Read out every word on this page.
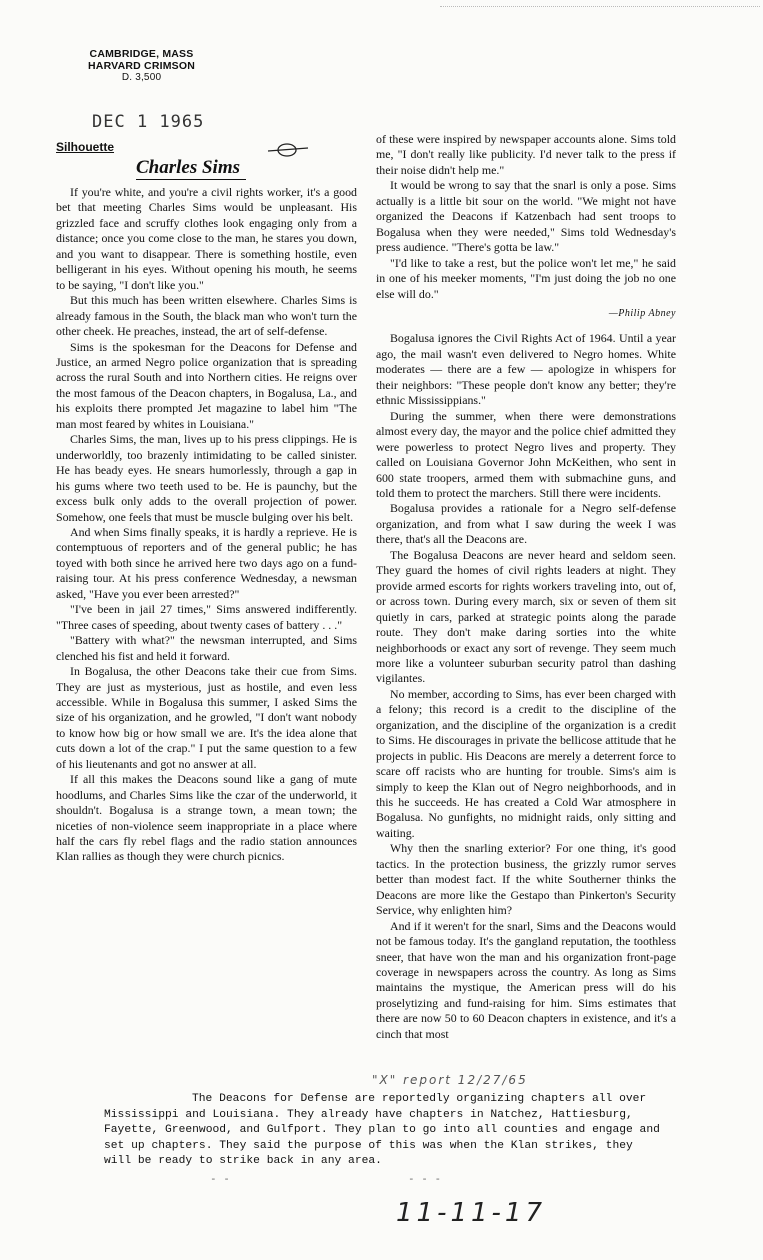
CAMBRIDGE, MASS
HARVARD CRIMSON
D. 3,500
DEC 1 1965
Silhouette
Charles Sims

If you're white, and you're a civil rights worker, it's a good bet that meeting Charles Sims would be unpleasant. His grizzled face and scruffy clothes look engaging only from a distance; once you come close to the man, he stares you down, and you want to disappear. There is something hostile, even belligerant in his eyes. Without opening his mouth, he seems to be saying, "I don't like you."

But this much has been written elsewhere. Charles Sims is already famous in the South, the black man who won't turn the other cheek. He preaches, instead, the art of self-defense.

Sims is the spokesman for the Deacons for Defense and Justice, an armed Negro police organization that is spreading across the rural South and into Northern cities. He reigns over the most famous of the Deacon chapters, in Bogalusa, La., and his exploits there prompted Jet magazine to label him "The man most feared by whites in Louisiana."

Charles Sims, the man, lives up to his press clippings. He is underworldly, too brazenly intimidating to be called sinister. He has beady eyes. He snears humorlessly, through a gap in his gums where two teeth used to be. He is paunchy, but the excess bulk only adds to the overall projection of power. Somehow, one feels that must be muscle bulging over his belt.

And when Sims finally speaks, it is hardly a reprieve. He is contemptuous of reporters and of the general public; he has toyed with both since he arrived here two days ago on a fund-raising tour. At his press conference Wednesday, a newsman asked, "Have you ever been arrested?"

"I've been in jail 27 times," Sims answered indifferently. "Three cases of speeding, about twenty cases of battery . . ."

"Battery with what?" the newsman interrupted, and Sims clenched his fist and held it forward.

In Bogalusa, the other Deacons take their cue from Sims. They are just as mysterious, just as hostile, and even less accessible. While in Bogalusa this summer, I asked Sims the size of his organization, and he growled, "I don't want nobody to know how big or how small we are. It's the idea alone that cuts down a lot of the crap." I put the same question to a few of his lieutenants and got no answer at all.

If all this makes the Deacons sound like a gang of mute hoodlums, and Charles Sims like the czar of the underworld, it shouldn't. Bogalusa is a strange town, a mean town; the niceties of non-violence seem inappropriate in a place where half the cars fly rebel flags and the radio station announces Klan rallies as though they were church picnics.

of these were inspired by newspaper accounts alone. Sims told me, "I don't really like publicity. I'd never talk to the press if their noise didn't help me."

It would be wrong to say that the snarl is only a pose. Sims actually is a little bit sour on the world. "We might not have organized the Deacons if Katzenbach had sent troops to Bogalusa when they were needed," Sims told Wednesday's press audience. "There's gotta be law."

"I'd like to take a rest, but the police won't let me," he said in one of his meeker moments, "I'm just doing the job no one else will do."

—Philip Abney

Bogalusa ignores the Civil Rights Act of 1964. Until a year ago, the mail wasn't even delivered to Negro homes. White moderates — there are a few — apologize in whispers for their neighbors: "These people don't know any better; they're ethnic Mississippians."

During the summer, when there were demonstrations almost every day, the mayor and the police chief admitted they were powerless to protect Negro lives and property. They called on Louisiana Governor John McKeithen, who sent in 600 state troopers, armed them with submachine guns, and told them to protect the marchers. Still there were incidents.

Bogalusa provides a rationale for a Negro self-defense organization, and from what I saw during the week I was there, that's all the Deacons are.

The Bogalusa Deacons are never heard and seldom seen. They guard the homes of civil rights leaders at night. They provide armed escorts for rights workers traveling into, out of, or across town. During every march, six or seven of them sit quietly in cars, parked at strategic points along the parade route. They don't make daring sorties into the white neighborhoods or exact any sort of revenge. They seem much more like a volunteer suburban security patrol than dashing vigilantes.

No member, according to Sims, has ever been charged with a felony; this record is a credit to the discipline of the organization, and the discipline of the organization is a credit to Sims. He discourages in private the bellicose attitude that he projects in public. His Deacons are merely a deterrent force to scare off racists who are hunting for trouble. Sims's aim is simply to keep the Klan out of Negro neighborhoods, and in this he succeeds. He has created a Cold War atmosphere in Bogalusa. No gunfights, no midnight raids, only sitting and waiting.

Why then the snarling exterior? For one thing, it's good tactics. In the protection business, the grizzly rumor serves better than modest fact. If the white Southerner thinks the Deacons are more like the Gestapo than Pinkerton's Security Service, why enlighten him?

And if it weren't for the snarl, Sims and the Deacons would not be famous today. It's the gangland reputation, the toothless sneer, that have won the man and his organization front-page coverage in newspapers across the country. As long as Sims maintains the mystique, the American press will do his proselytizing and fund-raising for him. Sims estimates that there are now 50 to 60 Deacon chapters in existence, and it's a cinch that most

"X" report 12/27/65
The Deacons for Defense are reportedly organizing chapters all over Mississippi and Louisiana. They already have chapters in Natchez, Hattiesburg, Fayette, Greenwood, and Gulfport. They plan to go into all counties and engage and set up chapters. They said the purpose of this was when the Klan strikes, they will be ready to strike back in any area.
- -	- - -
11-11-17
